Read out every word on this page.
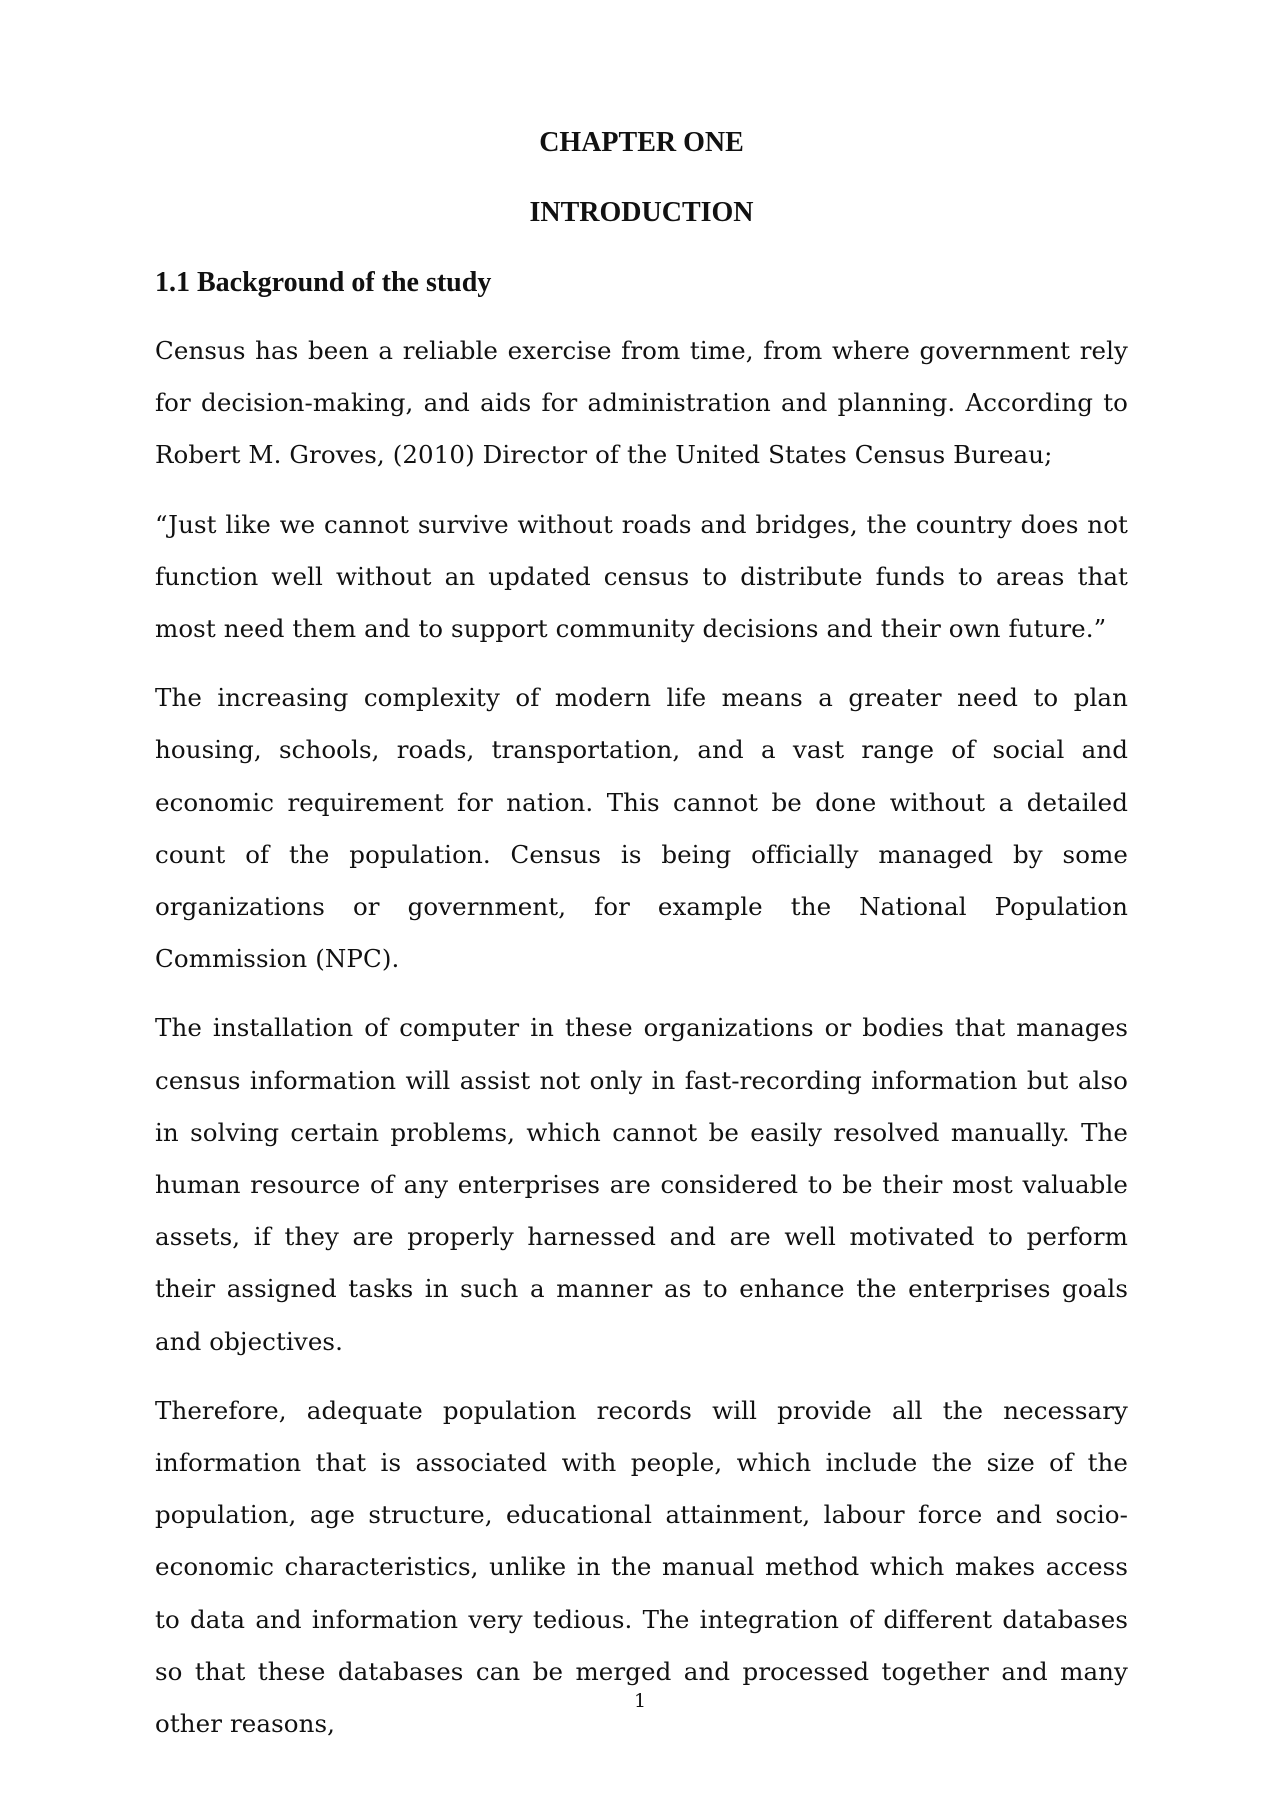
CHAPTER ONE
INTRODUCTION
1.1 Background of the study

Census has been a reliable exercise from time, from where government rely for decision-making, and aids for administration and planning. According to Robert M. Groves, (2010) Director of the United States Census Bureau;

“Just like we cannot survive without roads and bridges, the country does not function well without an updated census to distribute funds to areas that most need them and to support community decisions and their own future.”

The increasing complexity of modern life means a greater need to plan housing, schools, roads, transportation, and a vast range of social and economic requirement for nation. This cannot be done without a detailed count of the population. Census is being officially managed by some organizations or government, for example the National Population Commission (NPC).

The installation of computer in these organizations or bodies that manages census information will assist not only in fast-recording information but also in solving certain problems, which cannot be easily resolved manually. The human resource of any enterprises are considered to be their most valuable assets, if they are properly harnessed and are well motivated to perform their assigned tasks in such a manner as to enhance the enterprises goals and objectives.

Therefore, adequate population records will provide all the necessary information that is associated with people, which include the size of the population, age structure, educational attainment, labour force and socio-economic characteristics, unlike in the manual method which makes access to data and information very tedious. The integration of different databases so that these databases can be merged and processed together and many other reasons,

1
